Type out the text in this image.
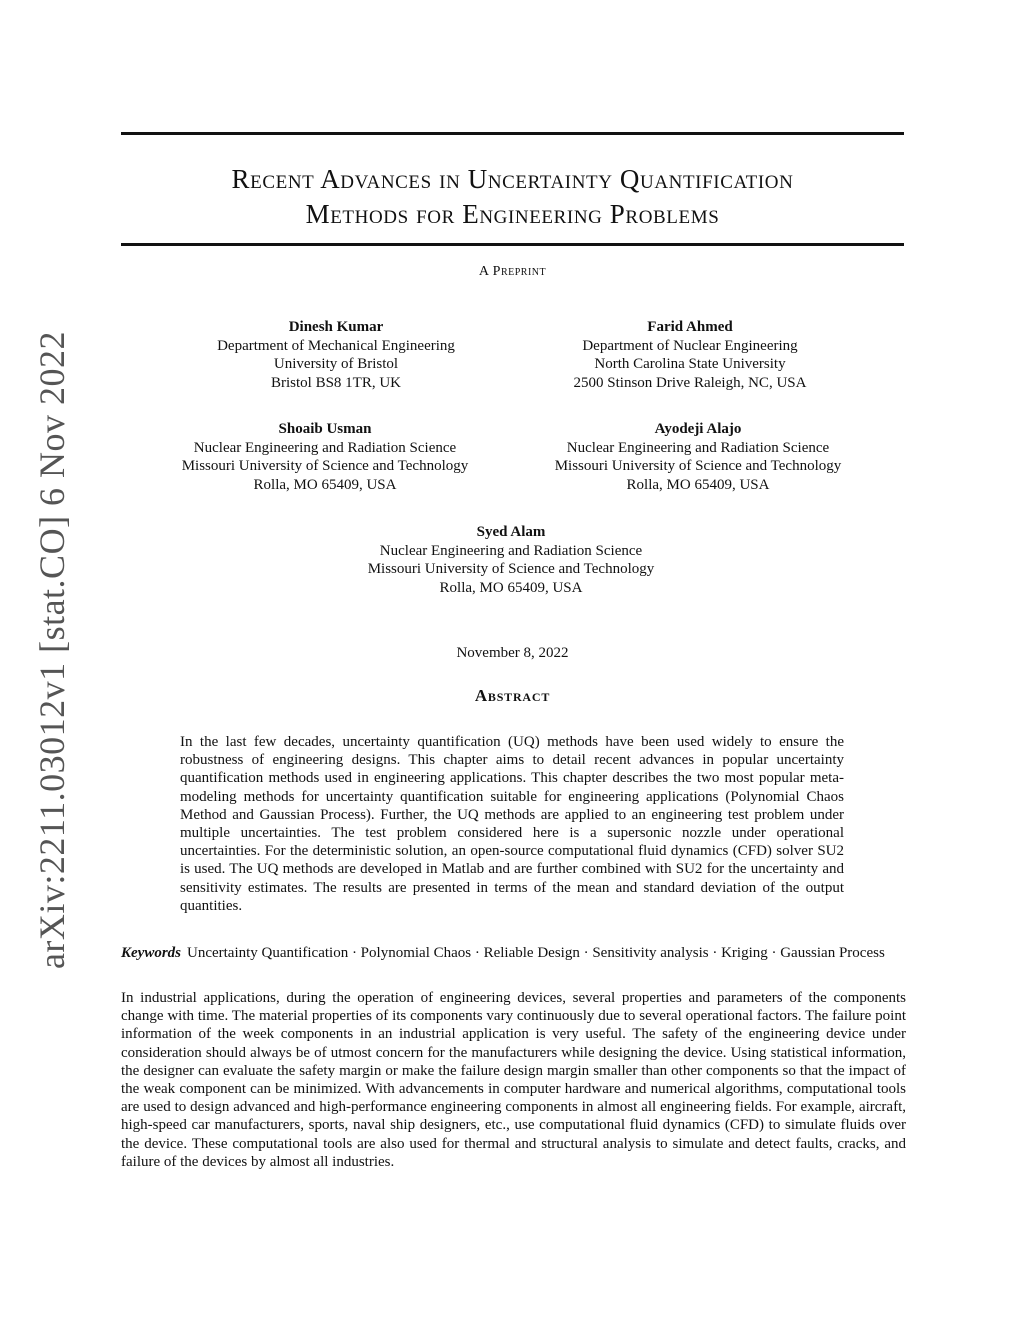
arXiv:2211.03012v1 [stat.CO] 6 Nov 2022
Recent Advances in Uncertainty Quantification
Methods for Engineering Problems
A Preprint
Dinesh Kumar
Department of Mechanical Engineering
University of Bristol
Bristol BS8 1TR, UK
Farid Ahmed
Department of Nuclear Engineering
North Carolina State University
2500 Stinson Drive Raleigh, NC, USA
Shoaib Usman
Nuclear Engineering and Radiation Science
Missouri University of Science and Technology
Rolla, MO 65409, USA
Ayodeji Alajo
Nuclear Engineering and Radiation Science
Missouri University of Science and Technology
Rolla, MO 65409, USA
Syed Alam
Nuclear Engineering and Radiation Science
Missouri University of Science and Technology
Rolla, MO 65409, USA
November 8, 2022
Abstract
In the last few decades, uncertainty quantification (UQ) methods have been used widely to ensure the robustness of engineering designs. This chapter aims to detail recent advances in popular uncertainty quantification methods used in engineering applications. This chapter describes the two most popular meta-modeling methods for uncertainty quantification suitable for engineering applications (Polynomial Chaos Method and Gaussian Process). Further, the UQ methods are applied to an engineering test problem under multiple uncertainties. The test problem considered here is a supersonic nozzle under operational uncertainties. For the deterministic solution, an open-source computational fluid dynamics (CFD) solver SU2 is used. The UQ methods are developed in Matlab and are further combined with SU2 for the uncertainty and sensitivity estimates. The results are presented in terms of the mean and standard deviation of the output quantities.
Keywords Uncertainty Quantification · Polynomial Chaos · Reliable Design · Sensitivity analysis · Kriging · Gaussian Process
In industrial applications, during the operation of engineering devices, several properties and parameters of the components change with time. The material properties of its components vary continuously due to several operational factors. The failure point information of the week components in an industrial application is very useful. The safety of the engineering device under consideration should always be of utmost concern for the manufacturers while designing the device. Using statistical information, the designer can evaluate the safety margin or make the failure design margin smaller than other components so that the impact of the weak component can be minimized. With advancements in computer hardware and numerical algorithms, computational tools are used to design advanced and high-performance engineering components in almost all engineering fields. For example, aircraft, high-speed car manufacturers, sports, naval ship designers, etc., use computational fluid dynamics (CFD) to simulate fluids over the device. These computational tools are also used for thermal and structural analysis to simulate and detect faults, cracks, and failure of the devices by almost all industries.
